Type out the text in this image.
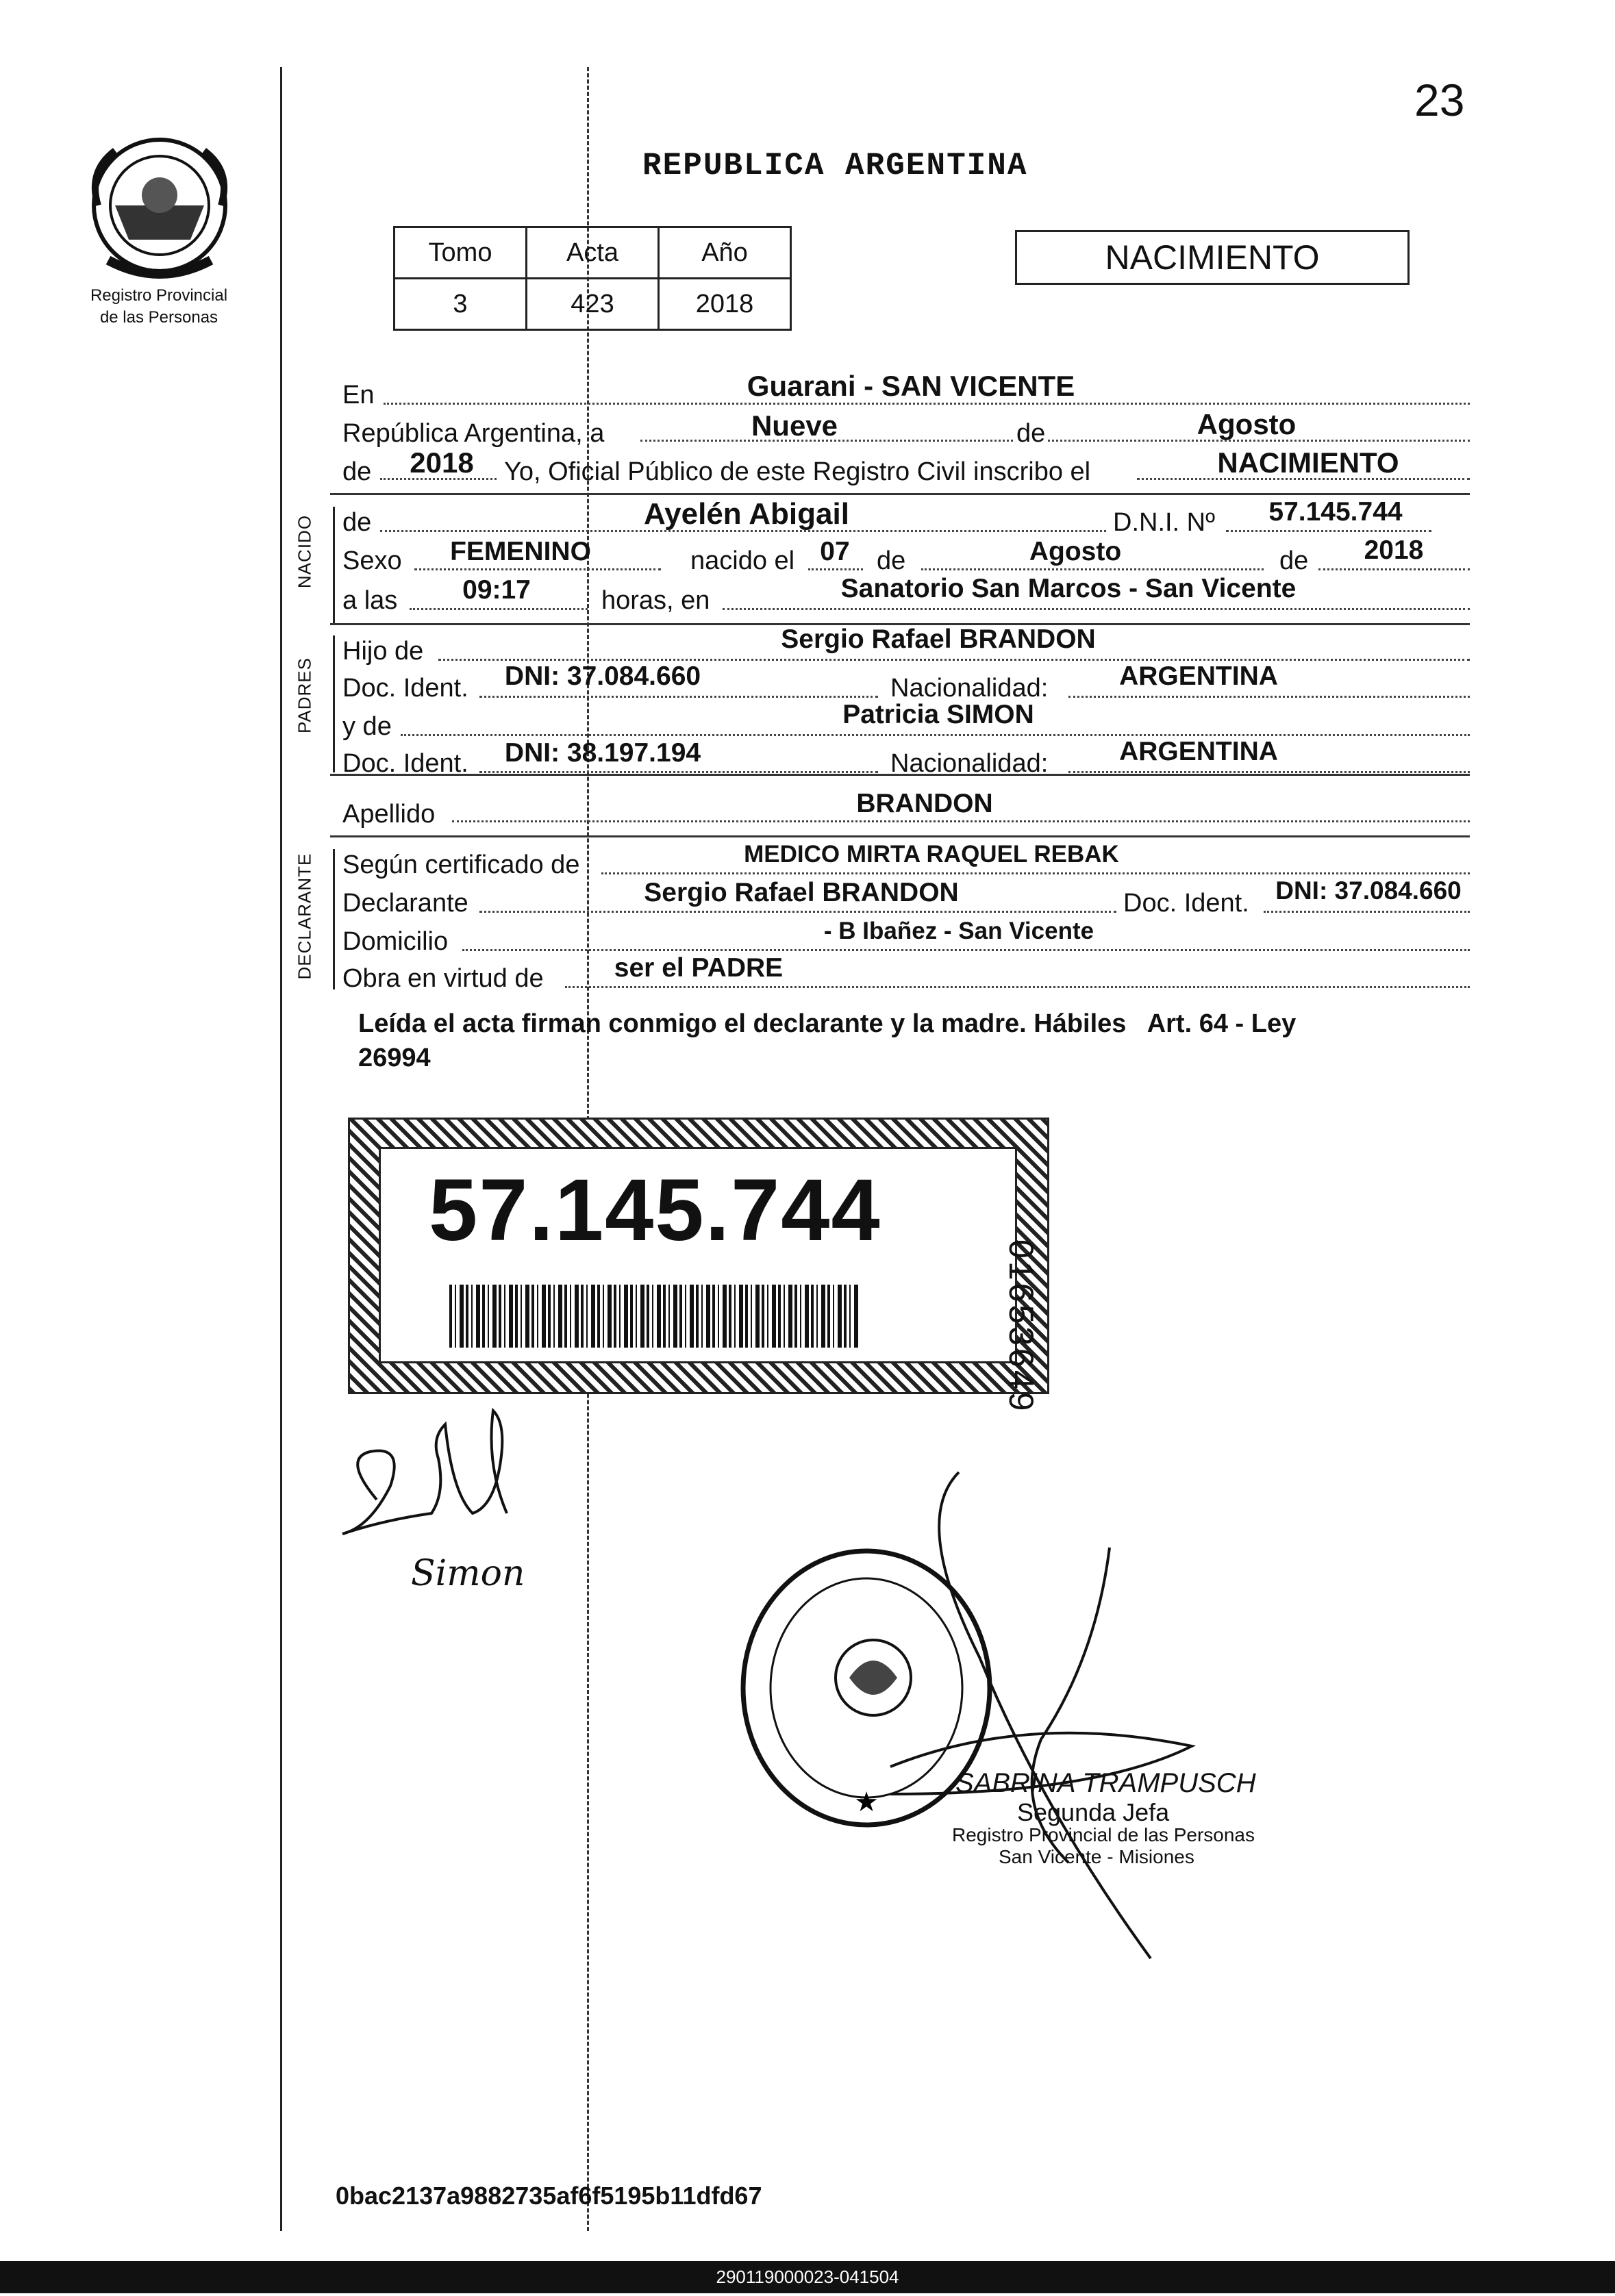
23
Registro Provincial
de las Personas
REPUBLICA ARGENTINA
Tomo	Acta	Año
3	423	2018
NACIMIENTO
En	Guarani - SAN VICENTE
República Argentina, a	Nueve	de	Agosto
de	2018	Yo, Oficial Público de este Registro Civil inscribo el	NACIMIENTO
NACIDO de	Ayelén Abigail	D.N.I. Nº	57.145.744
Sexo	FEMENINO	nacido el 07	de	Agosto	de	2018
a las	09:17	horas, en	Sanatorio San Marcos - San Vicente
PADRES
Hijo de	Sergio Rafael BRANDON
Doc. Ident.	DNI: 37.084.660	Nacionalidad:	ARGENTINA
y de	Patricia SIMON
Doc. Ident.	DNI: 38.197.194	Nacionalidad:	ARGENTINA
Apellido	BRANDON
DECLARANTE Según certificado de	MEDICO MIRTA RAQUEL REBAK
Declarante	Sergio Rafael BRANDON	Doc. Ident.	DNI: 37.084.660
Domicilio	- B Ibañez - San Vicente
Obra en virtud de	ser el PADRE
Leída el acta firman conmigo el declarante y la madre. Hábiles   Art. 64 - Ley
26994
57.145.744
01653649
Simon
★
SABRINA TRAMPUSCH
Segunda Jefa
Registro Provincial de las Personas
San Vicente - Misiones
0bac2137a9882735af6f5195b11dfd67
290119000023-041504
